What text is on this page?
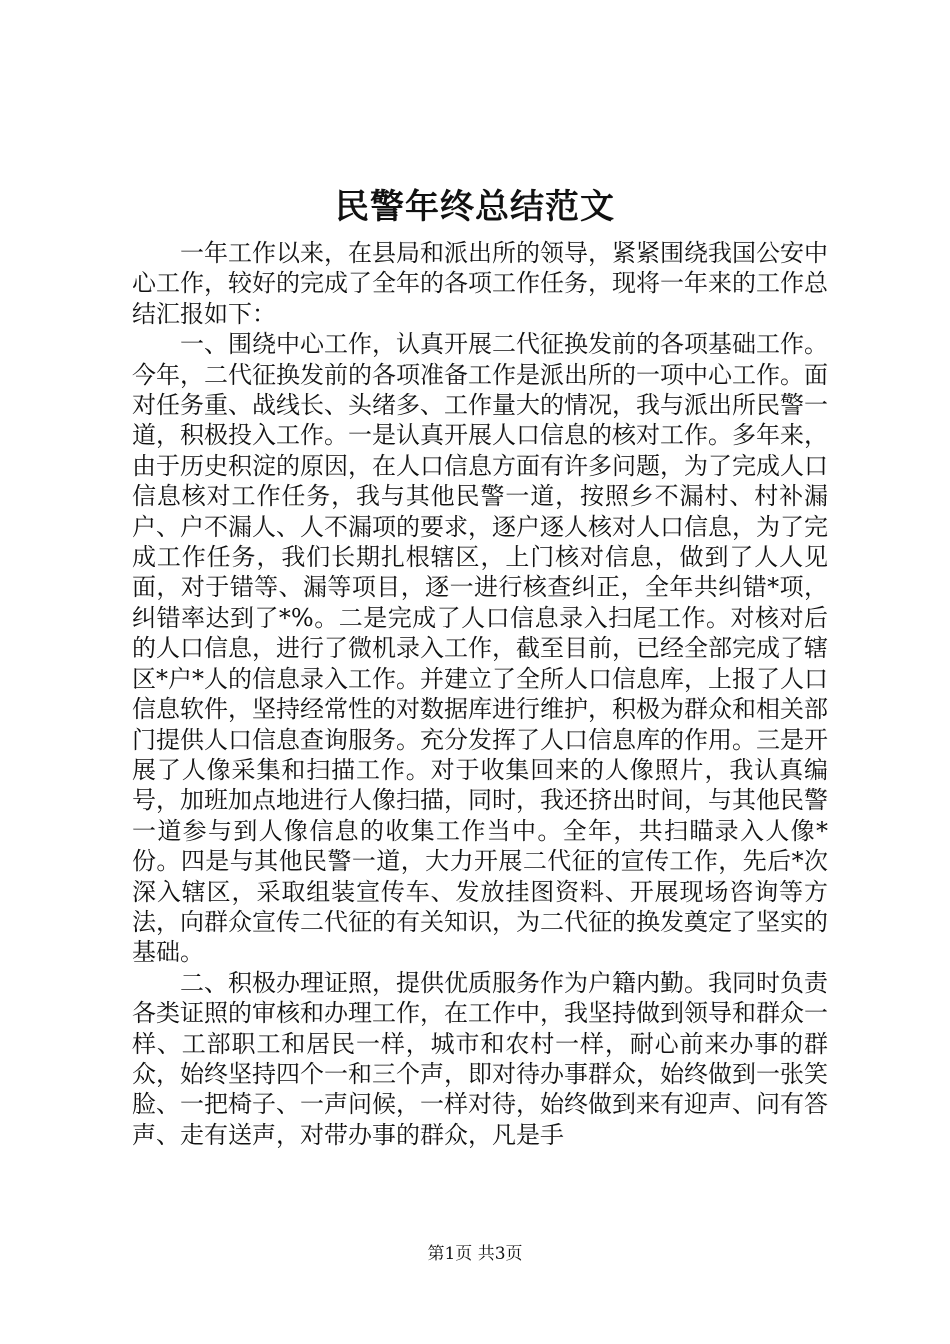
民警年终总结范文

一年工作以来，在县局和派出所的领导，紧紧围绕我国公安中心工作，较好的完成了全年的各项工作任务，现将一年来的工作总结汇报如下：

一、围绕中心工作，认真开展二代征换发前的各项基础工作。今年，二代征换发前的各项准备工作是派出所的一项中心工作。面对任务重、战线长、头绪多、工作量大的情况，我与派出所民警一道，积极投入工作。一是认真开展人口信息的核对工作。多年来，由于历史积淀的原因，在人口信息方面有许多问题，为了完成人口信息核对工作任务，我与其他民警一道，按照乡不漏村、村补漏户、户不漏人、人不漏项的要求，逐户逐人核对人口信息，为了完成工作任务，我们长期扎根辖区，上门核对信息，做到了人人见面，对于错等、漏等项目，逐一进行核查纠正，全年共纠错*项，纠错率达到了*%。二是完成了人口信息录入扫尾工作。对核对后的人口信息，进行了微机录入工作，截至目前，已经全部完成了辖区*户*人的信息录入工作。并建立了全所人口信息库，上报了人口信息软件，坚持经常性的对数据库进行维护，积极为群众和相关部门提供人口信息查询服务。充分发挥了人口信息库的作用。三是开展了人像采集和扫描工作。对于收集回来的人像照片，我认真编号，加班加点地进行人像扫描，同时，我还挤出时间，与其他民警一道参与到人像信息的收集工作当中。全年，共扫瞄录入人像*份。四是与其他民警一道，大力开展二代征的宣传工作，先后*次深入辖区，采取组装宣传车、发放挂图资料、开展现场咨询等方法，向群众宣传二代征的有关知识，为二代征的换发奠定了坚实的基础。

二、积极办理证照，提供优质服务作为户籍内勤。我同时负责各类证照的审核和办理工作，在工作中，我坚持做到领导和群众一样、工部职工和居民一样，城市和农村一样，耐心前来办事的群众，始终坚持四个一和三个声，即对待办事群众，始终做到一张笑脸、一把椅子、一声问候，一样对待，始终做到来有迎声、问有答声、走有送声，对带办事的群众，凡是手

第1页 共3页
